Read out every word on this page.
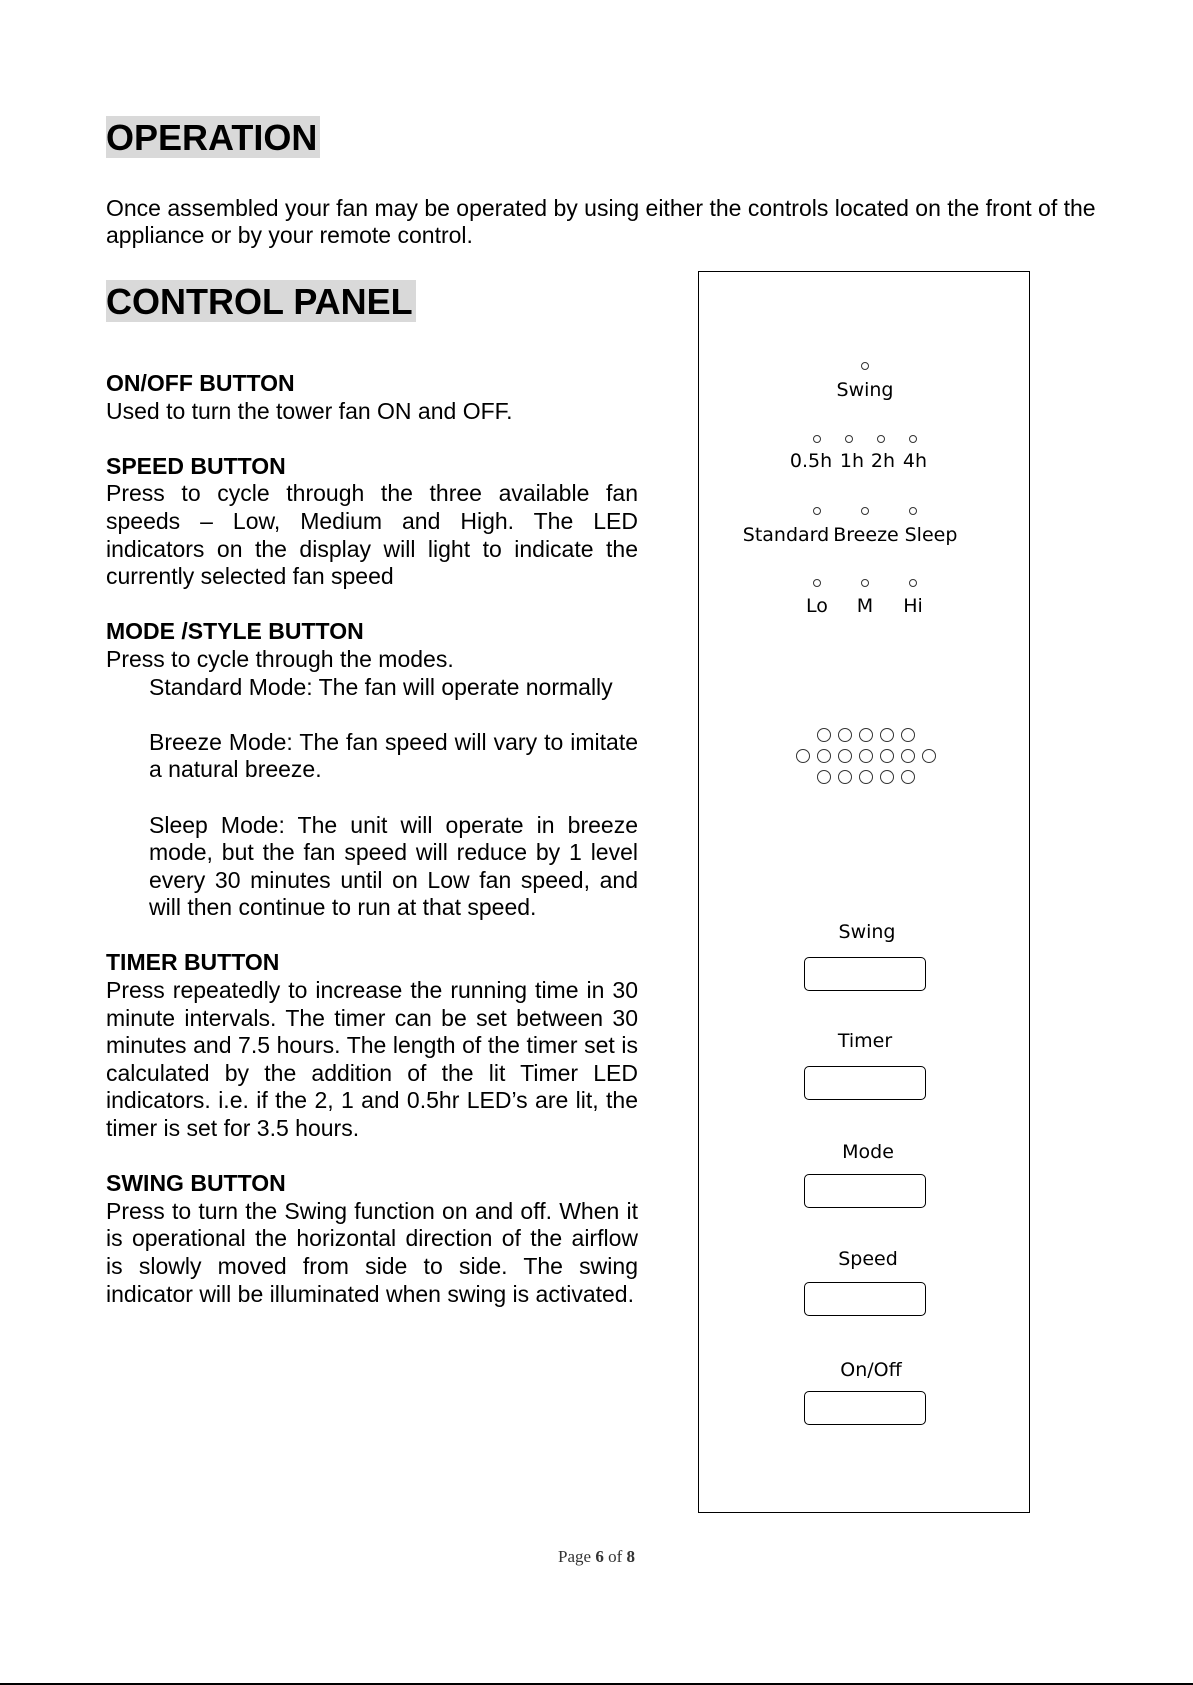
OPERATION

Once assembled your fan may be operated by using either the controls located on the front of the appliance or by your remote control.

CONTROL PANEL
ON/OFF BUTTON

Used to turn the tower fan ON and OFF.

SPEED BUTTON

Press to cycle through the three available fan speeds – Low, Medium and High. The LED indicators on the display will light to indicate the currently selected fan speed

MODE /STYLE BUTTON

Press to cycle through the modes.

Standard Mode: The fan will operate normally

Breeze Mode: The fan speed will vary to imitate a natural breeze.

Sleep Mode: The unit will operate in breeze mode, but the fan speed will reduce by 1 level every 30 minutes until on Low fan speed, and will then continue to run at that speed.

TIMER BUTTON

Press repeatedly to increase the running time in 30 minute intervals. The timer can be set between 30 minutes and 7.5 hours. The length of the timer set is calculated by the addition of the lit Timer LED indicators. i.e. if the 2, 1 and 0.5hr LED’s are lit, the timer is set for 3.5 hours.

SWING BUTTON

Press to turn the Swing function on and off. When it is operational the horizontal direction of the airflow is slowly moved from side to side. The swing indicator will be illuminated when swing is activated.

Swing
0.5h 1h 2h 4h
Standard Breeze Sleep
Lo M Hi
Swing
Timer
Mode
Speed
On/Off
Page 6 of 8
